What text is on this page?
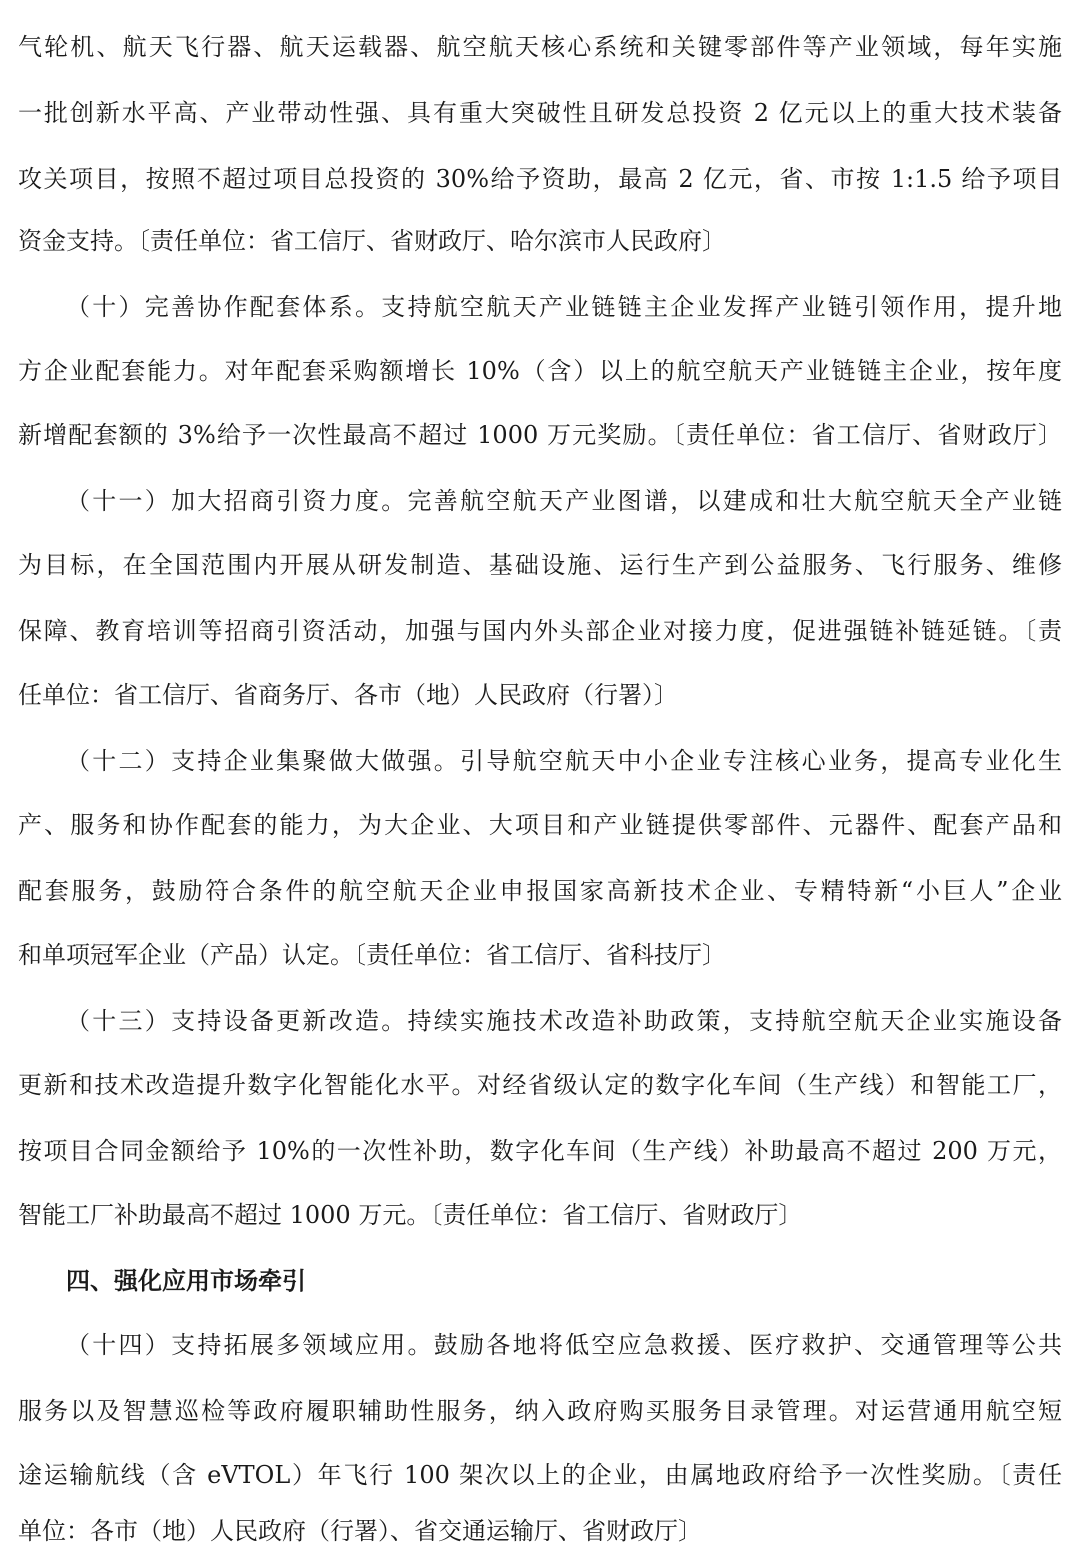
气轮机、航天飞行器、航天运载器、航空航天核心系统和关键零部件等产业领域，每年实施
一批创新水平高、产业带动性强、具有重大突破性且研发总投资 2 亿元以上的重大技术装备
攻关项目，按照不超过项目总投资的 30%给予资助，最高 2 亿元，省、市按 1:1.5 给予项目
资金支持。〔责任单位：省工信厅、省财政厅、哈尔滨市人民政府〕
（十）完善协作配套体系。支持航空航天产业链链主企业发挥产业链引领作用，提升地
方企业配套能力。对年配套采购额增长 10%（含）以上的航空航天产业链链主企业，按年度
新增配套额的 3%给予一次性最高不超过 1000 万元奖励。〔责任单位：省工信厅、省财政厅〕
（十一）加大招商引资力度。完善航空航天产业图谱，以建成和壮大航空航天全产业链
为目标，在全国范围内开展从研发制造、基础设施、运行生产到公益服务、飞行服务、维修
保障、教育培训等招商引资活动，加强与国内外头部企业对接力度，促进强链补链延链。〔责
任单位：省工信厅、省商务厅、各市（地）人民政府（行署）〕
（十二）支持企业集聚做大做强。引导航空航天中小企业专注核心业务，提高专业化生
产、服务和协作配套的能力，为大企业、大项目和产业链提供零部件、元器件、配套产品和
配套服务，鼓励符合条件的航空航天企业申报国家高新技术企业、专精特新“小巨人”企业
和单项冠军企业（产品）认定。〔责任单位：省工信厅、省科技厅〕
（十三）支持设备更新改造。持续实施技术改造补助政策，支持航空航天企业实施设备
更新和技术改造提升数字化智能化水平。对经省级认定的数字化车间（生产线）和智能工厂，
按项目合同金额给予 10%的一次性补助，数字化车间（生产线）补助最高不超过 200 万元，
智能工厂补助最高不超过 1000 万元。〔责任单位：省工信厅、省财政厅〕
四、强化应用市场牵引
（十四）支持拓展多领域应用。鼓励各地将低空应急救援、医疗救护、交通管理等公共
服务以及智慧巡检等政府履职辅助性服务，纳入政府购买服务目录管理。对运营通用航空短
途运输航线（含 eVTOL）年飞行 100 架次以上的企业，由属地政府给予一次性奖励。〔责任
单位：各市（地）人民政府（行署）、省交通运输厅、省财政厅〕
